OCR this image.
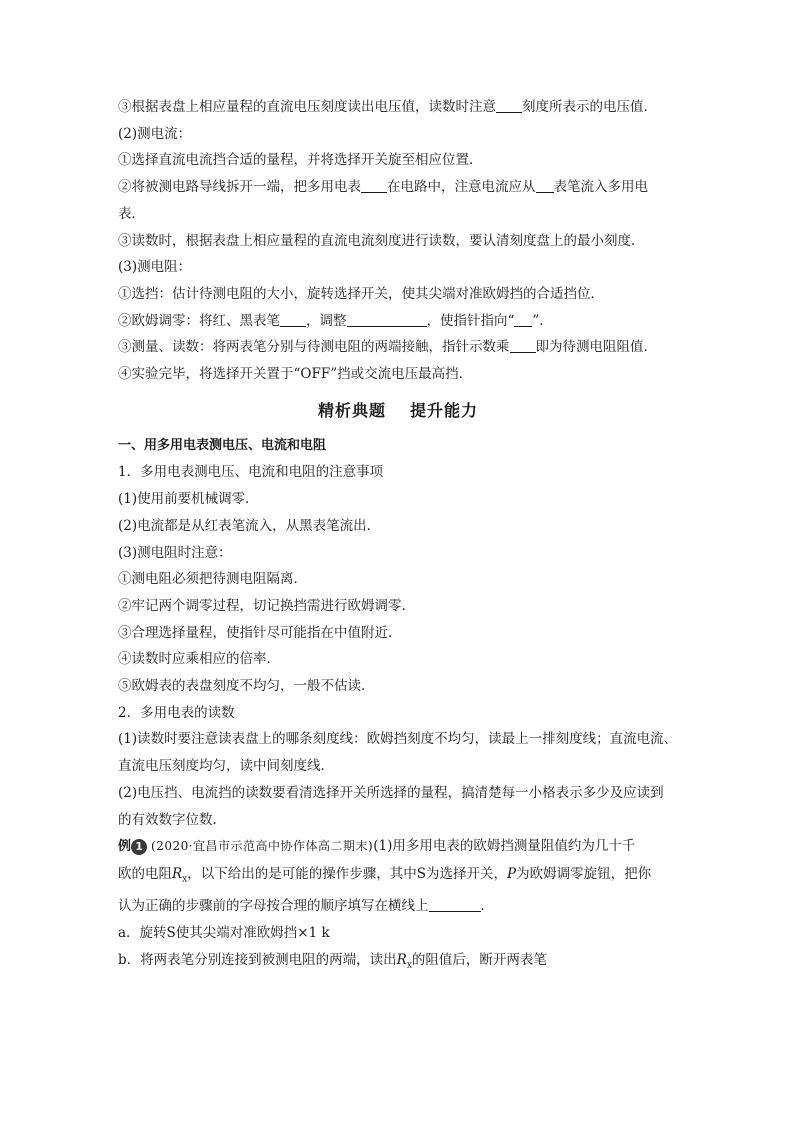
③根据表盘上相应量程的直流电压刻度读出电压值，读数时注意 刻度所表示的电压值．
(2)测电流：
①选择直流电流挡合适的量程，并将选择开关旋至相应位置．
②将被测电路导线拆开一端，把多用电表 在电路中，注意电流应从 表笔流入多用电
表．
③读数时，根据表盘上相应量程的直流电流刻度进行读数，要认清刻度盘上的最小刻度．
(3)测电阻：
①选挡：估计待测电阻的大小，旋转选择开关，使其尖端对准欧姆挡的合适挡位．
②欧姆调零：将红、黑表笔 ，调整	，使指针指向“ ”．
③测量、读数：将两表笔分别与待测电阻的两端接触，指针示数乘 即为待测电阻阻值．
④实验完毕，将选择开关置于“OFF”挡或交流电压最高挡．
精析典题 提升能力
一、用多用电表测电压、电流和电阻
1．多用电表测电压、电流和电阻的注意事项
(1)使用前要机械调零．
(2)电流都是从红表笔流入，从黑表笔流出．
(3)测电阻时注意：
①测电阻必须把待测电阻隔离．
②牢记两个调零过程，切记换挡需进行欧姆调零．
③合理选择量程，使指针尽可能指在中值附近．
④读数时应乘相应的倍率．
⑤欧姆表的表盘刻度不均匀，一般不估读．
2．多用电表的读数
(1)读数时要注意读表盘上的哪条刻度线：欧姆挡刻度不均匀，读最上一排刻度线；直流电流、
直流电压刻度均匀，读中间刻度线．
(2)电压挡、电流挡的读数要看清选择开关所选择的量程，搞清楚每一小格表示多少及应读到
的有效数字位数．
例 1 (2020·宜昌市示范高中协作体高二期末)(1)用多用电表的欧姆挡测量阻值约为几十千
欧的电阻$R_x$，以下给出的是可能的操作步骤，其中S为选择开关，P为欧姆调零旋钮，把你
认为正确的步骤前的字母按合理的顺序填写在横线上	．
a．旋转S使其尖端对准欧姆挡×1 k
b．将两表笔分别连接到被测电阻的两端，读出$R_x$的阻值后，断开两表笔
